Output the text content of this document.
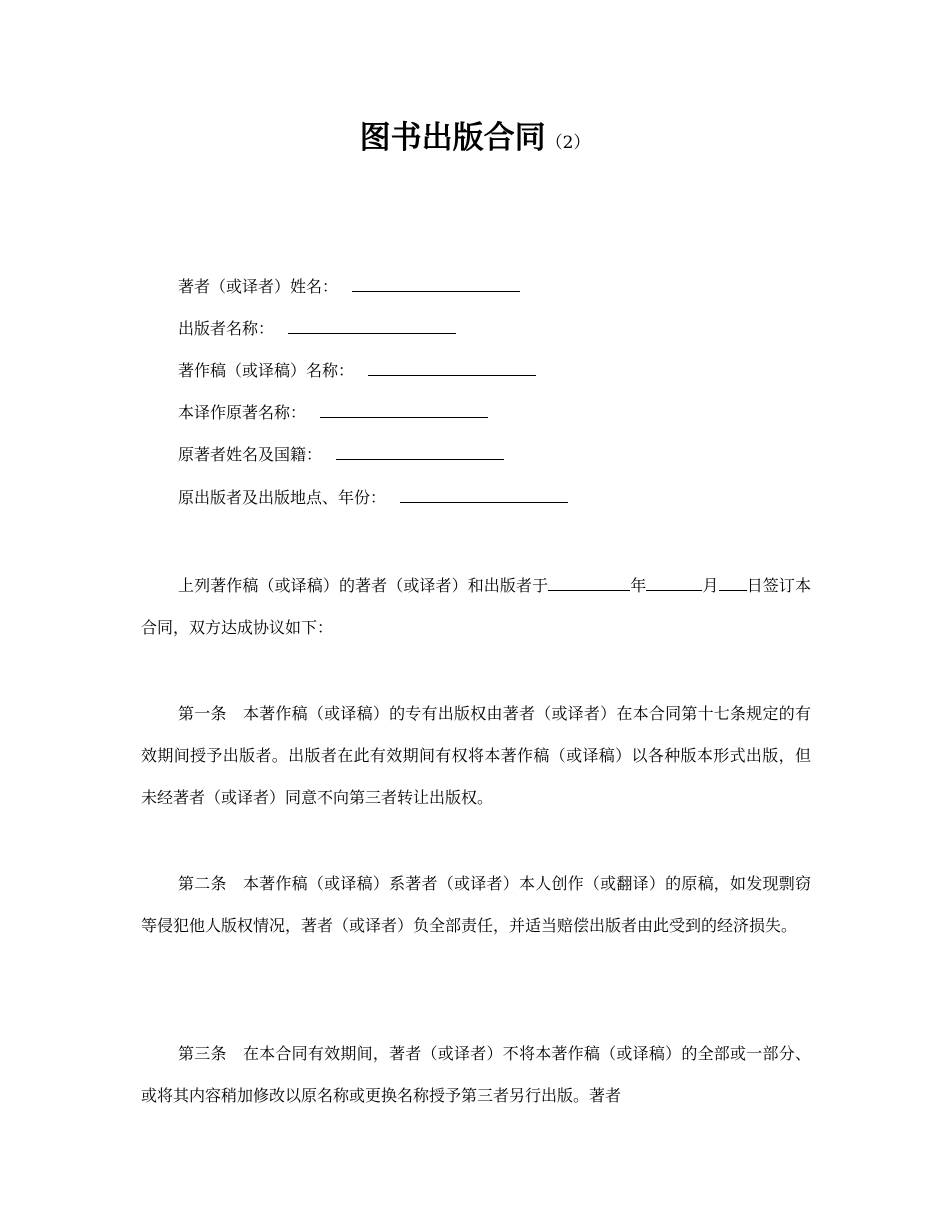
图书出版合同（2）
著者（或译者）姓名：
出版者名称：
著作稿（或译稿）名称：
本译作原著名称：
原著者姓名及国籍：
原出版者及出版地点、年份：

上列著作稿（或译稿）的著者（或译者）和出版者于	年	月 日签订本合同，双方达成协议如下：

第一条　本著作稿（或译稿）的专有出版权由著者（或译者）在本合同第十七条规定的有效期间授予出版者。出版者在此有效期间有权将本著作稿（或译稿）以各种版本形式出版，但未经著者（或译者）同意不向第三者转让出版权。

第二条　本著作稿（或译稿）系著者（或译者）本人创作（或翻译）的原稿，如发现剽窃等侵犯他人版权情况，著者（或译者）负全部责任，并适当赔偿出版者由此受到的经济损失。

第三条　在本合同有效期间，著者（或译者）不将本著作稿（或译稿）的全部或一部分、或将其内容稍加修改以原名称或更换名称授予第三者另行出版。著者
